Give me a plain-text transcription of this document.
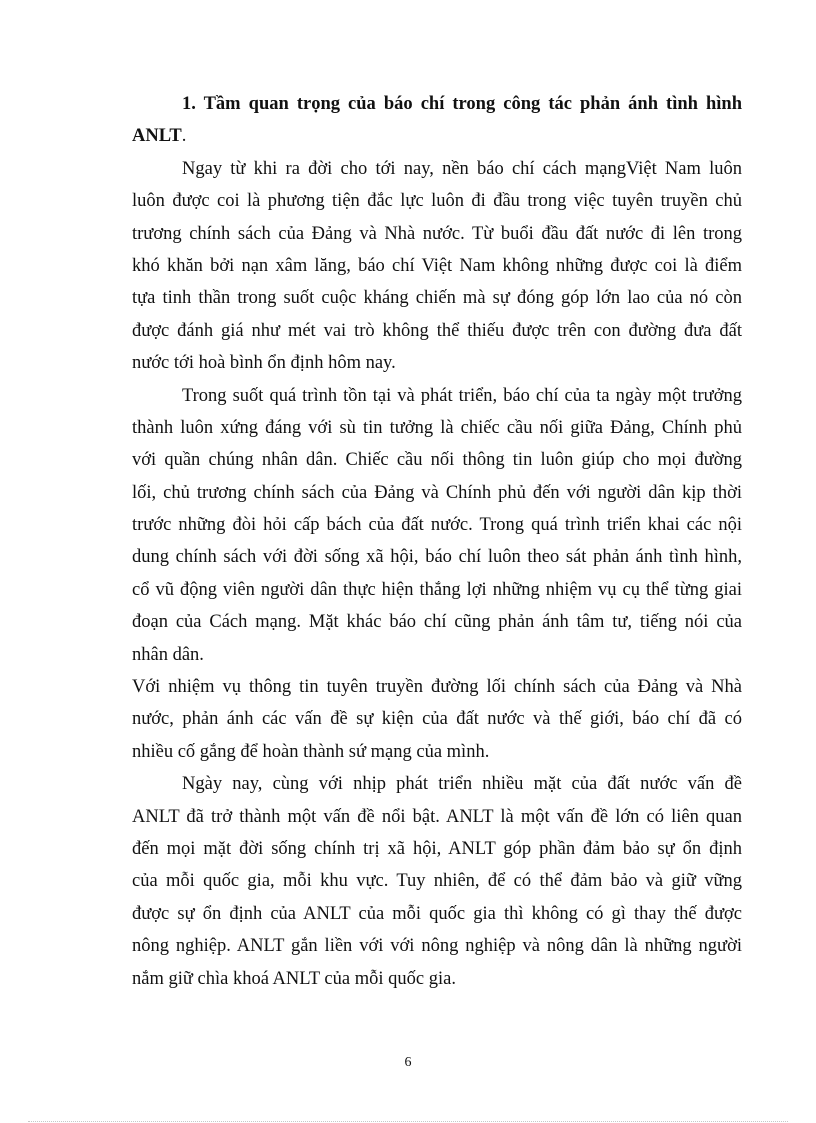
1. Tầm quan trọng của báo chí trong công tác phản ánh tình hình
ANLT.
Ngay từ khi ra đời cho tới nay, nền báo chí cách mạngViệt Nam luôn
luôn được coi là phương tiện đắc lực luôn đi đầu trong việc tuyên truyền chủ
trương chính sách của Đảng và Nhà nước. Từ buổi đầu đất nước đi lên trong
khó khăn bởi nạn xâm lăng, báo chí Việt Nam không những được coi là điểm
tựa tinh thần trong suốt cuộc kháng chiến mà sự đóng góp lớn lao của nó còn
được đánh giá như mét vai trò không thể thiếu được trên con đường đưa đất
nước tới hoà bình ổn định hôm nay.
Trong suốt quá trình tồn tại và phát triển, báo chí của ta ngày một trưởng
thành luôn xứng đáng với sù tin tưởng là chiếc cầu nối giữa Đảng, Chính phủ
với quần chúng nhân dân. Chiếc cầu nối thông tin luôn giúp cho mọi đường
lối, chủ trương chính sách của Đảng và Chính phủ đến với người dân kịp thời
trước những đòi hỏi cấp bách của đất nước. Trong quá trình triển khai các nội
dung chính sách với đời sống xã hội, báo chí luôn theo sát phản ánh tình hình,
cổ vũ động viên người dân thực hiện thắng lợi những nhiệm vụ cụ thể từng giai
đoạn của Cách mạng. Mặt khác báo chí cũng phản ánh tâm tư, tiếng nói của
nhân dân.
Với nhiệm vụ thông tin tuyên truyền đường lối chính sách của Đảng và Nhà
nước, phản ánh các vấn đề sự kiện của đất nước và thế giới, báo chí đã có
nhiều cố gắng để hoàn thành sứ mạng của mình.
Ngày nay, cùng với nhịp phát triển nhiều mặt của đất nước vấn đề
ANLT đã trở thành một vấn đề nổi bật. ANLT là một vấn đề lớn có liên quan
đến mọi mặt đời sống chính trị xã hội, ANLT góp phần đảm bảo sự ổn định
của mỗi quốc gia, mỗi khu vực. Tuy nhiên, để có thể đảm bảo và giữ vững
được sự ổn định của ANLT của mỗi quốc gia thì không có gì thay thế được
nông nghiệp. ANLT gắn liền với với nông nghiệp và nông dân là những người
nắm giữ chìa khoá ANLT của mỗi quốc gia.
6
